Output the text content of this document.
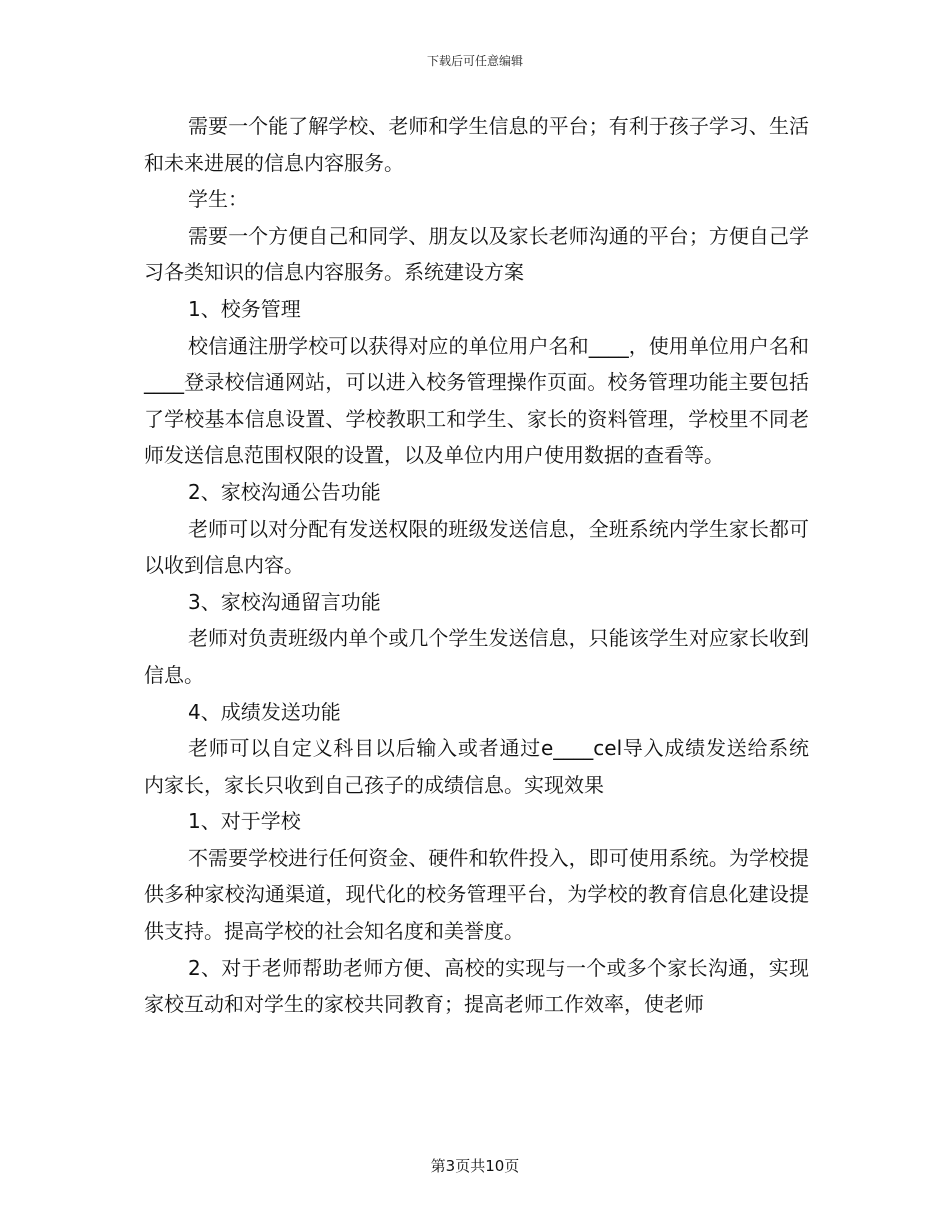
下载后可任意编辑

需要一个能了解学校、老师和学生信息的平台；有利于孩子学习、生活和未来进展的信息内容服务。

学生：

需要一个方便自己和同学、朋友以及家长老师沟通的平台；方便自己学习各类知识的信息内容服务。系统建设方案

1、校务管理

校信通注册学校可以获得对应的单位用户名和____，使用单位用户名和____登录校信通网站，可以进入校务管理操作页面。校务管理功能主要包括了学校基本信息设置、学校教职工和学生、家长的资料管理，学校里不同老师发送信息范围权限的设置，以及单位内用户使用数据的查看等。

2、家校沟通公告功能

老师可以对分配有发送权限的班级发送信息，全班系统内学生家长都可以收到信息内容。

3、家校沟通留言功能

老师对负责班级内单个或几个学生发送信息，只能该学生对应家长收到信息。

4、成绩发送功能

老师可以自定义科目以后输入或者通过e____cel导入成绩发送给系统内家长，家长只收到自己孩子的成绩信息。实现效果

1、对于学校

不需要学校进行任何资金、硬件和软件投入，即可使用系统。为学校提供多种家校沟通渠道，现代化的校务管理平台，为学校的教育信息化建设提供支持。提高学校的社会知名度和美誉度。

2、对于老师帮助老师方便、高校的实现与一个或多个家长沟通，实现家校互动和对学生的家校共同教育；提高老师工作效率，使老师

第3页共10页
